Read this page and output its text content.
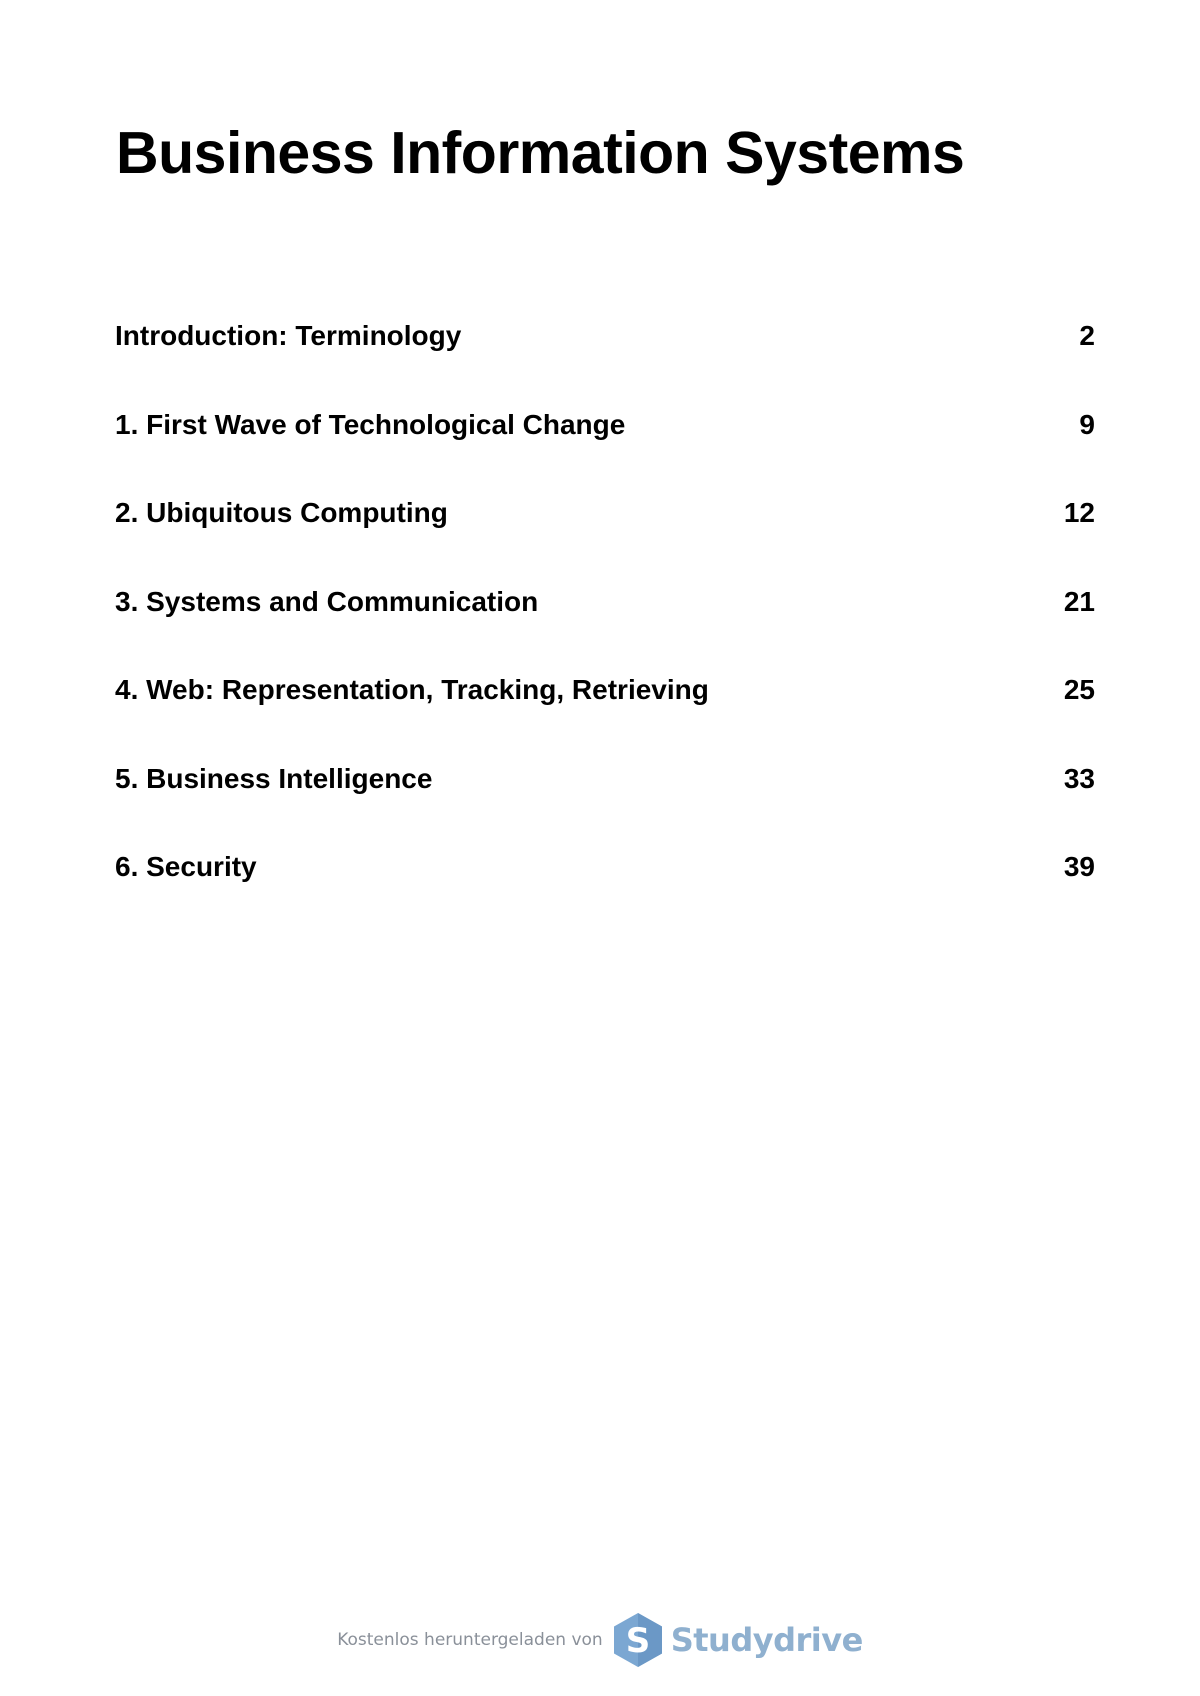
Business Information Systems
Introduction: Terminology	2
1. First Wave of Technological Change	9
2. Ubiquitous Computing	12
3. Systems and Communication	21
4. Web: Representation, Tracking, Retrieving	25
5. Business Intelligence	33
6. Security	39
Kostenlos heruntergeladen von S Studydrive
